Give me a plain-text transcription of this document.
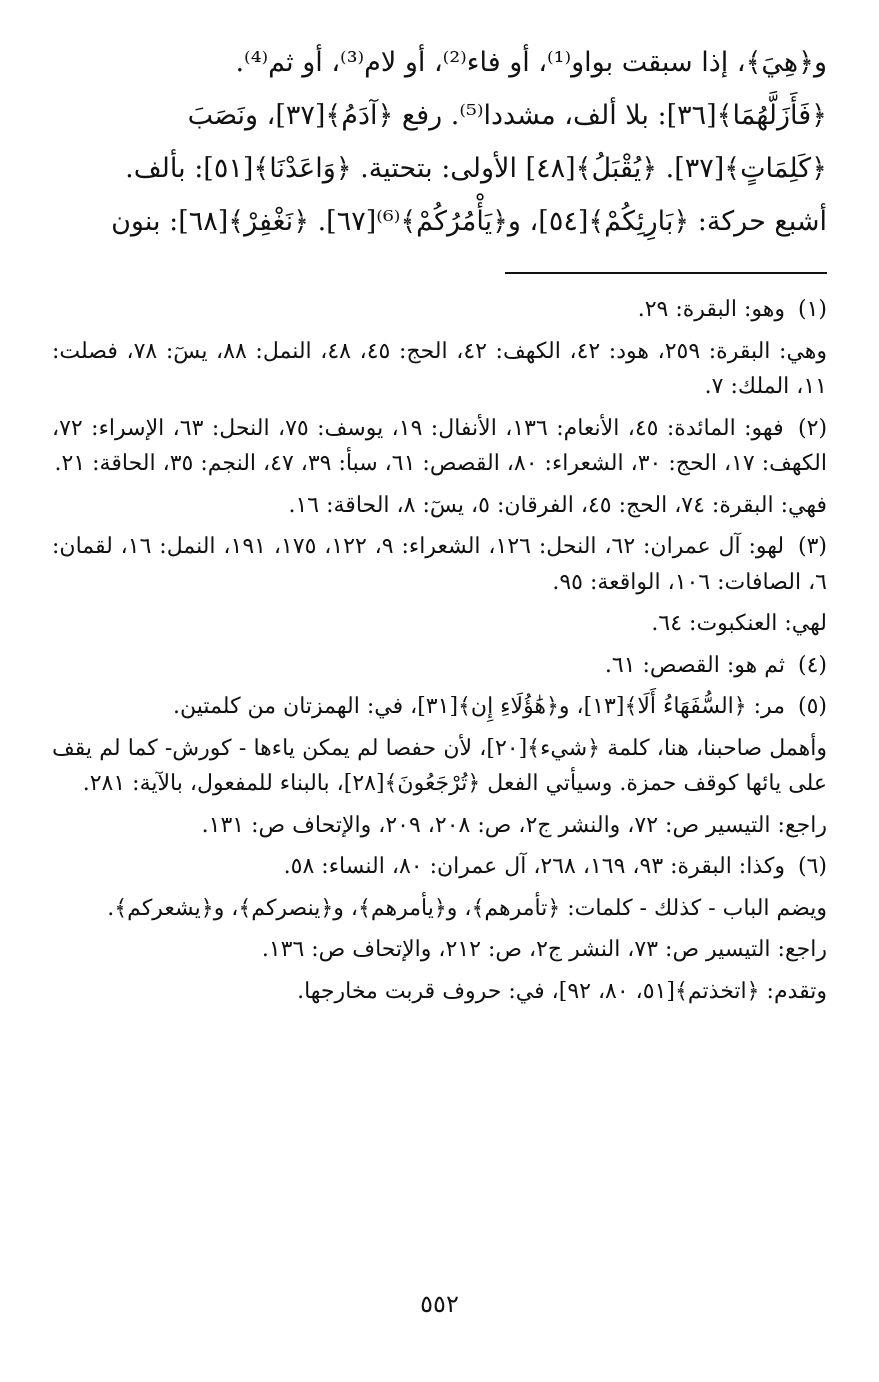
و﴿هِيَ﴾، إذا سبقت بواو⁽¹⁾، أو فاء⁽²⁾، أو لام⁽³⁾، أو ثم⁽⁴⁾.
﴿فَأَزَلَّهُمَا﴾[٣٦]: بلا ألف، مشددا⁽⁵⁾. رفع ﴿آدَمُ﴾[٣٧]، ونَصَبَ
﴿كَلِمَاتٍ﴾[٣٧]. ﴿يُقْبَلُ﴾[٤٨] الأولى: بتحتية. ﴿وَاعَدْنَا﴾[٥١]: بألف.
أشبع حركة: ﴿بَارِئِكُمْ﴾[٥٤]، و﴿يَأْمُرُكُمْ﴾⁽⁶⁾[٦٧]. ﴿نَغْفِرْ﴾[٦٨]: بنون
(١) وهو: البقرة: ٢٩.
وهي: البقرة: ٢٥٩، هود: ٤٢، الكهف: ٤٢، الحج: ٤٥، ٤٨، النمل: ٨٨، يسٓ: ٧٨، فصلت: ١١، الملك: ٧.
(٢) فهو: المائدة: ٤٥، الأنعام: ١٣٦، الأنفال: ١٩، يوسف: ٧٥، النحل: ٦٣، الإسراء: ٧٢، الكهف: ١٧، الحج: ٣٠، الشعراء: ٨٠، القصص: ٦١، سبأ: ٣٩، ٤٧، النجم: ٣٥، الحاقة: ٢١.
فهي: البقرة: ٧٤، الحج: ٤٥، الفرقان: ٥، يسٓ: ٨، الحاقة: ١٦.
(٣) لهو: آل عمران: ٦٢، النحل: ١٢٦، الشعراء: ٩، ١٢٢، ١٧٥، ١٩١، النمل: ١٦، لقمان: ٦، الصافات: ١٠٦، الواقعة: ٩٥.
لهي: العنكبوت: ٦٤.
(٤) ثم هو: القصص: ٦١.
(٥) مر: ﴿السُّفَهَاءُ أَلَا﴾[١٣]، و﴿هَٰؤُلَاءِ إِن﴾[٣١]، في: الهمزتان من كلمتين.
وأهمل صاحبنا، هنا، كلمة ﴿شيء﴾[٢٠]، لأن حفصا لم يمكن ياءها - كورش- كما لم يقف على يائها كوقف حمزة. وسيأتي الفعل ﴿تُرْجَعُونَ﴾[٢٨]، بالبناء للمفعول، بالآية: ٢٨١.
راجع: التيسير ص: ٧٢، والنشر ج٢، ص: ٢٠٨، ٢٠٩، والإتحاف ص: ١٣١.
(٦) وكذا: البقرة: ٩٣، ١٦٩، ٢٦٨، آل عمران: ٨٠، النساء: ٥٨.
ويضم الباب - كذلك - كلمات: ﴿تأمرهم﴾، و﴿يأمرهم﴾، و﴿ينصركم﴾، و﴿يشعركم﴾.
راجع: التيسير ص: ٧٣، النشر ج٢، ص: ٢١٢، والإتحاف ص: ١٣٦.
وتقدم: ﴿اتخذتم﴾[٥١، ٨٠، ٩٢]، في: حروف قربت مخارجها.
٥٥٢
